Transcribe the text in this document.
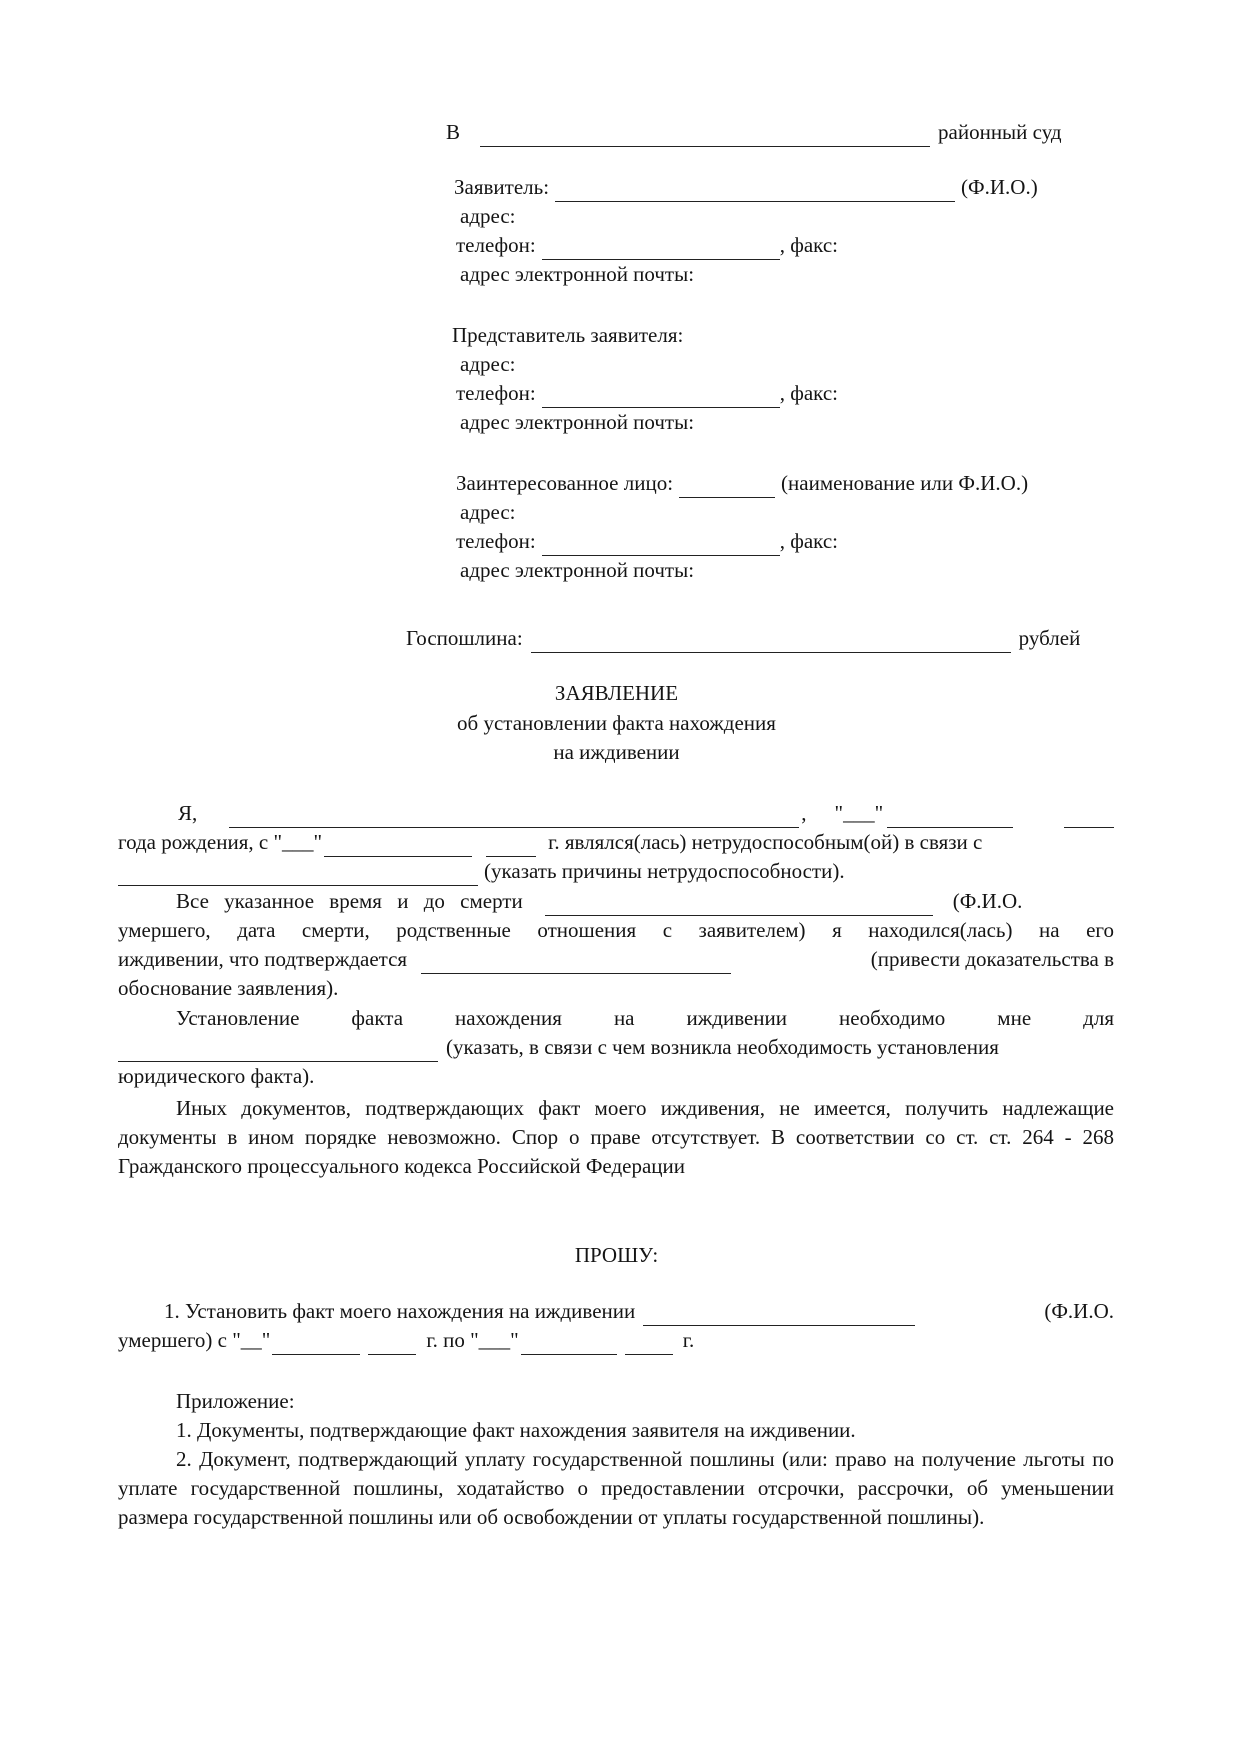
В	районный суд
Заявитель:	(Ф.И.О.)
адрес:
телефон:	, факс:
адрес электронной почты:
Представитель заявителя:
адрес:
телефон:	, факс:
адрес электронной почты:
Заинтересованное лицо:	(наименование или Ф.И.О.)
адрес:
телефон:	, факс:
адрес электронной почты:
Госпошлина:	рублей
ЗАЯВЛЕНИЕ
об установлении факта нахождения
на иждивении
Я,	, "___"
года рождения, с "___"	г. являлся(лась) нетрудоспособным(ой) в связи с
(указать причины нетрудоспособности).
Все указанное время и до смерти	(Ф.И.О.
умершего, дата смерти, родственные отношения с заявителем) я находился(лась) на его
иждивении, что подтверждается	(привести доказательства в
обоснование заявления).
Установление факта нахождения на иждивении необходимо мне для
(указать, в связи с чем возникла необходимость установления
юридического факта).

Иных документов, подтверждающих факт моего иждивения, не имеется, получить надлежащие документы в ином порядке невозможно. Спор о праве отсутствует. В соответствии со ст. ст. 264 - 268 Гражданского процессуального кодекса Российской Федерации

ПРОШУ:
1. Установить факт моего нахождения на иждивении	(Ф.И.О.
умершего) с "__"	г. по "___"	г.
Приложение:
1. Документы, подтверждающие факт нахождения заявителя на иждивении.

2. Документ, подтверждающий уплату государственной пошлины (или: право на получение льготы по уплате государственной пошлины, ходатайство о предоставлении отсрочки, рассрочки, об уменьшении размера государственной пошлины или об освобождении от уплаты государственной пошлины).
